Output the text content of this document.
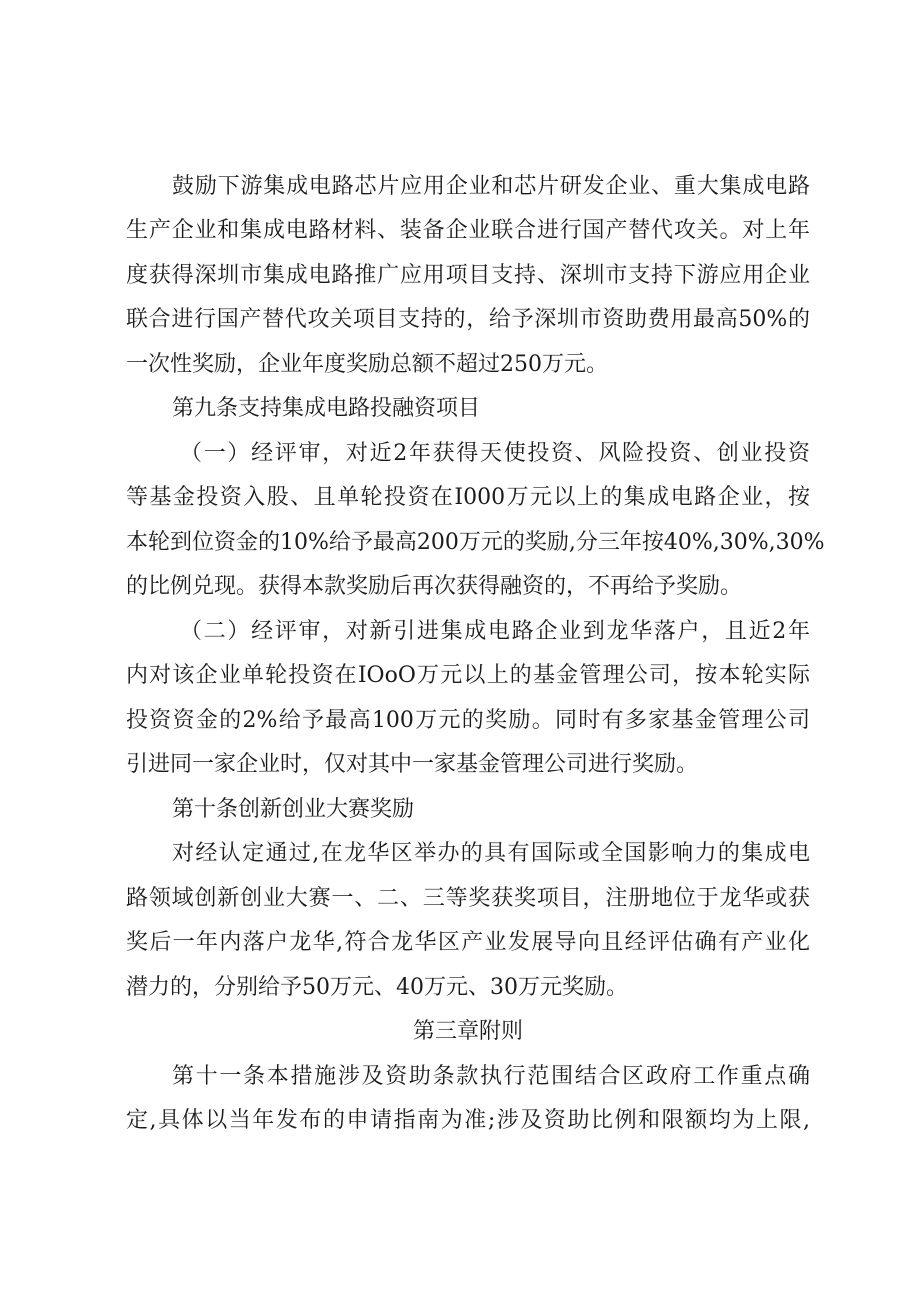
鼓励下游集成电路芯片应用企业和芯片研发企业、重大集成电路
生产企业和集成电路材料、装备企业联合进行国产替代攻关。对上年
度获得深圳市集成电路推广应用项目支持、深圳市支持下游应用企业
联合进行国产替代攻关项目支持的，给予深圳市资助费用最高50%的
一次性奖励，企业年度奖励总额不超过250万元。
第九条支持集成电路投融资项目
（一）经评审，对近2年获得天使投资、风险投资、创业投资
等基金投资入股、且单轮投资在I000万元以上的集成电路企业，按
本轮到位资金的10%给予最高200万元的奖励,分三年按40%,30%,30%
的比例兑现。获得本款奖励后再次获得融资的，不再给予奖励。
（二）经评审，对新引进集成电路企业到龙华落户，且近2年
内对该企业单轮投资在IOoO万元以上的基金管理公司，按本轮实际
投资资金的2%给予最高100万元的奖励。同时有多家基金管理公司
引进同一家企业时，仅对其中一家基金管理公司进行奖励。
第十条创新创业大赛奖励
对经认定通过,在龙华区举办的具有国际或全国影响力的集成电
路领域创新创业大赛一、二、三等奖获奖项目，注册地位于龙华或获
奖后一年内落户龙华,符合龙华区产业发展导向且经评估确有产业化
潜力的，分别给予50万元、40万元、30万元奖励。
第三章附则
第十一条本措施涉及资助条款执行范围结合区政府工作重点确
定,具体以当年发布的申请指南为准;涉及资助比例和限额均为上限,
